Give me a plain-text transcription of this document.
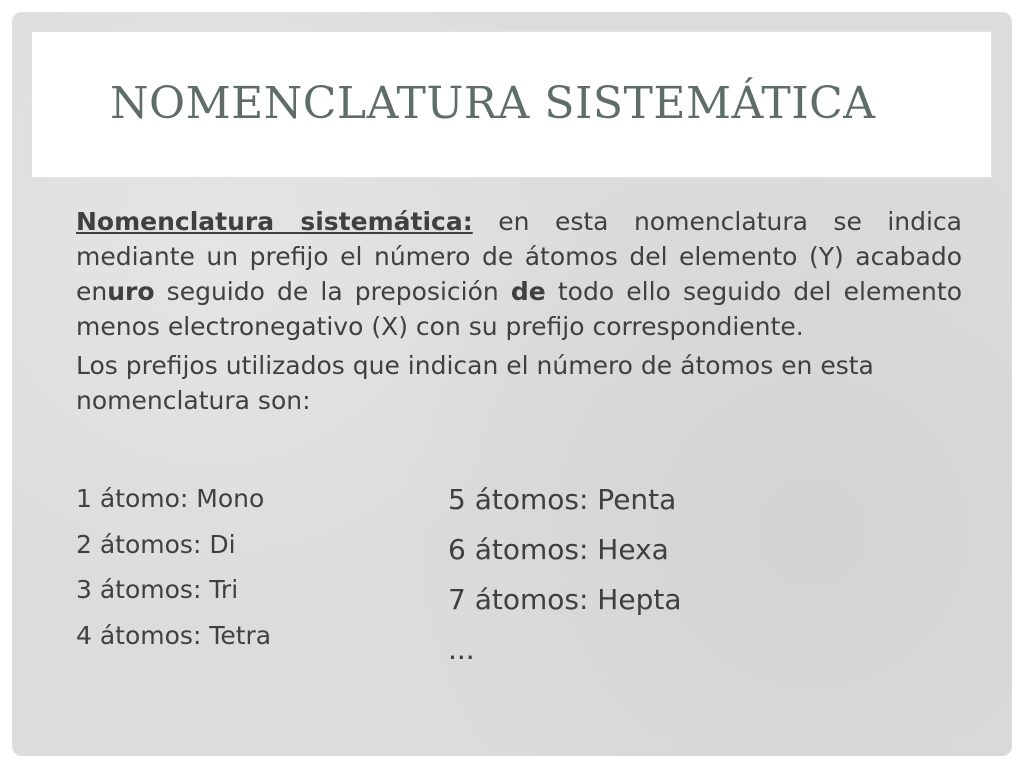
NOMENCLATURA SISTEMÁTICA

Nomenclatura sistemática: en esta nomenclatura se indica mediante un prefijo el número de átomos del elemento (Y) acabado enuro seguido de la preposición de todo ello seguido del elemento menos electronegativo (X) con su prefijo correspondiente.

Los prefijos utilizados que indican el número de átomos en esta nomenclatura son:

1 átomo: Mono
2 átomos: Di
3 átomos: Tri
4 átomos: Tetra
5 átomos: Penta
6 átomos: Hexa
7 átomos: Hepta
...
